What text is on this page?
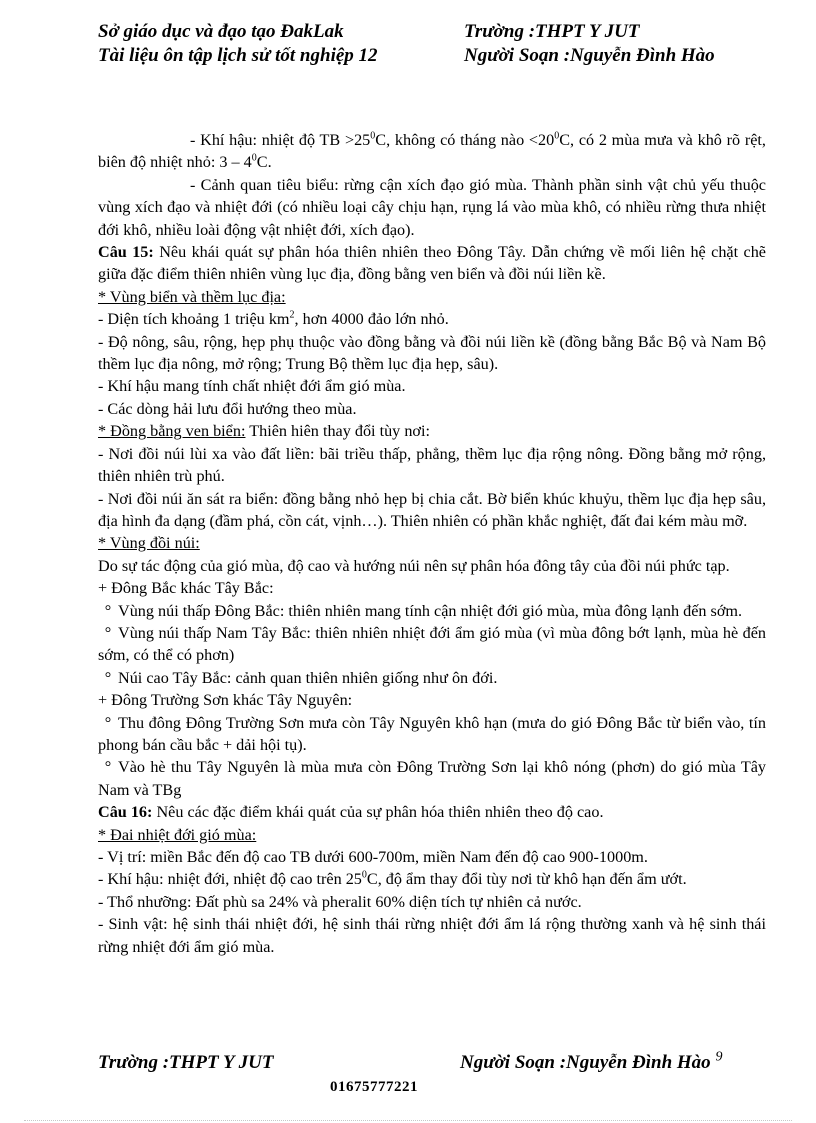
Sở giáo dục và đạo tạo ĐakLak	Trường :THPT Y JUT
Tài liệu ôn tập lịch sử tốt nghiệp 12	Người Soạn :Nguyễn Đình Hào

- Khí hậu: nhiệt độ TB $>25^0C$, không có tháng nào $<20^0C$, có 2 mùa mưa và khô rõ rệt, biên độ nhiệt nhỏ: $3 - 4^0C$.

- Cảnh quan tiêu biểu: rừng cận xích đạo gió mùa. Thành phần sinh vật chủ yếu thuộc vùng xích đạo và nhiệt đới (có nhiều loại cây chịu hạn, rụng lá vào mùa khô, có nhiều rừng thưa nhiệt đới khô, nhiều loài động vật nhiệt đới, xích đạo).

Câu 15: Nêu khái quát sự phân hóa thiên nhiên theo Đông Tây. Dẫn chứng về mối liên hệ chặt chẽ giữa đặc điểm thiên nhiên vùng lục địa, đồng bằng ven biển và đồi núi liền kề.

* Vùng biển và thềm lục địa:

- Diện tích khoảng 1 triệu $km^2$, hơn 4000 đảo lớn nhỏ.

- Độ nông, sâu, rộng, hẹp phụ thuộc vào đồng bằng và đồi núi liền kề (đồng bằng Bắc Bộ và Nam Bộ thềm lục địa nông, mở rộng; Trung Bộ thềm lục địa hẹp, sâu).

- Khí hậu mang tính chất nhiệt đới ẩm gió mùa.

- Các dòng hải lưu đổi hướng theo mùa.

* Đồng bằng ven biển: Thiên hiên thay đổi tùy nơi:

- Nơi đồi núi lùi xa vào đất liền: bãi triều thấp, phẳng, thềm lục địa rộng nông. Đồng bằng mở rộng, thiên nhiên trù phú.

- Nơi đồi núi ăn sát ra biển: đồng bằng nhỏ hẹp bị chia cắt. Bờ biển khúc khuỷu, thềm lục địa hẹp sâu, địa hình đa dạng (đầm phá, cồn cát, vịnh…). Thiên nhiên có phần khắc nghiệt, đất đai kém màu mỡ.

* Vùng đồi núi:

Do sự tác động của gió mùa, độ cao và hướng núi nên sự phân hóa đông tây của đồi núi phức tạp.

+ Đông Bắc khác Tây Bắc:

° Vùng núi thấp Đông Bắc: thiên nhiên mang tính cận nhiệt đới gió mùa, mùa đông lạnh đến sớm.

° Vùng núi thấp Nam Tây Bắc: thiên nhiên nhiệt đới ẩm gió mùa (vì mùa đông bớt lạnh, mùa hè đến sớm, có thể có phơn)

° Núi cao Tây Bắc: cảnh quan thiên nhiên giống như ôn đới.

+ Đông Trường Sơn khác Tây Nguyên:

° Thu đông Đông Trường Sơn mưa còn Tây Nguyên khô hạn (mưa do gió Đông Bắc từ biển vào, tín phong bán cầu bắc + dải hội tụ).

° Vào hè thu Tây Nguyên là mùa mưa còn Đông Trường Sơn lại khô nóng (phơn) do gió mùa Tây Nam và TBg

Câu 16: Nêu các đặc điểm khái quát của sự phân hóa thiên nhiên theo độ cao.

* Đai nhiệt đới gió mùa:

- Vị trí: miền Bắc đến độ cao TB dưới 600-700m, miền Nam đến độ cao 900-1000m.

- Khí hậu: nhiệt đới, nhiệt độ cao trên $25^0C$, độ ẩm thay đổi tùy nơi từ khô hạn đến ẩm ướt.

- Thổ nhưỡng: Đất phù sa 24% và pheralit 60% diện tích tự nhiên cả nước.

- Sinh vật: hệ sinh thái nhiệt đới, hệ sinh thái rừng nhiệt đới ẩm lá rộng thường xanh và hệ sinh thái rừng nhiệt đới ẩm gió mùa.

Trường :THPT Y JUT	Người Soạn :Nguyễn Đình Hào $^9$
01675777221
